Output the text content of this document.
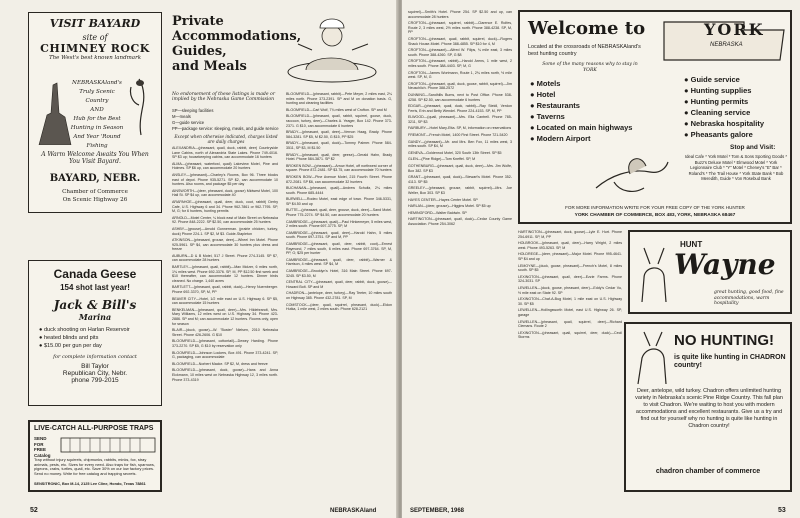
VISIT BAYARD
site of
CHIMNEY ROCK
The West's best known landmark
NEBRASKAland's
Truly Scenic Country
AND
Hub for the Best
Hunting in Season
And Year 'Round Fishing
A Warm Welcome Awaits You When You Visit Bayard.
BAYARD, NEBR.
Chamber of Commerce
On Scenic Highway 26
Canada Geese
154 shot last year!
Jack & Bill's
Marina
● duck shooting on Harlan Reservoir
● heated blinds and pits
● $15.00 per gun per day
for complete information contact
Bill Taylor
Republican City, Nebr.
phone 799-2015
LIVE-CATCH ALL-PURPOSE TRAPS
SEND FOR
FREE
Catalog
Trap without injury squirrels, chipmunks, rabbits, minks, fox, stray animals, pests, etc. Sizes for every need. Also traps for fish, sparrows, pigeons, crabs, turtles, quail, etc. Save 30% on our low factory prices. Send no money. Write for free catalog and trapping secrets.
SENSITRONIC, Box M-14, 2125 Lee Cline, Hondo, Texas 78861
Private
Accommodations,
Guides,
and Meals
No endorsement of these listings is made or implied by the Nebraska Game Commission
SP—sleeping facilities
M—meals
G—guide service
PP—package service: sleeping, meals, and guide service
Except when otherwise indicated, charges listed are daily charges

ALEXANDRIA—(pheasant, quail, duck, rabbit, deer) Countryside Lane Cabins, north of Alexandria State Lakes. Phone 749-4016. SP $3 up; housekeeping cabins, can accommodate 16 hunters

ALMA—(pheasant, waterfowl, quail) Lakeview Motel, Pine and Holmes. SP $6 up, can accommodate 20 hunters

ANSLEY—(pheasant)—Charley's Rooms, Box 96. Three blocks east of depot. Phone 935-5271. SP $2, can accommodate 10 hunters. Also rooms, and package $5 per day

AINSWORTH—(deer, pheasant, duck, goose) Midwest Motel, 100 Hall St. SP $4 up, can accommodate 40

ARAPAHOE—(pheasant, quail, deer, duck, coot, rabbit) Derby Cafe, U.S. Highway 6 and 34. Phone 962-7861 or 962-7795. SP, M, G; for 6 hunters, hunting permits

ARNOLD—Motel Center, ¼ block east of Main Street on Nebraska 92. Phone 848-2222. SP $2.50, can accommodate 25 hunters

ASHBY—(grouse)—Arnold Gonnerman. (prairie chicken, turkey, duck) Phone 224-1. SP $2, M $3. Guide-Stapleton

ATKINSON—(pheasant, grouse, deer)—Wheel Inn Motel. Phone 925-5961. SP $4, can accommodate 30 hunters plus dress and freeze

AUBURN—D & B Motel, 517 J Street. Phone 274-3145. SP $7, can accommodate 28 hunters

BARTLEY—(pheasant, quail, rabbit)—Max Molzer, 6 miles north, 1¾ miles west. Phone 692-3376. SP, M, PP $12.50 first week and $10 thereafter, can accommodate 12 hunters. Dinner birds cleaned. No charge. 1,440 acres

BARTLETT—(pheasant, quail, rabbit, duck)—Henry Nuernberger. Phone 692-3370, SP, M, PP

BEAVER CITY—Hotel, 1/2 mile east on U.S. Highway 6. SP $5, can accommodate 15 hunters

BENKELMAN—(pheasant, quail, deer)—Mrs. Hildebrandt, Mrs. Mary Williams, 12 miles west on U.S. Highway 34. Phone 423-2886. SP and M; can accommodate 12 hunters. Rooms only, open for season

BLAIR—(duck, goose)—W. "Buster" Nielsen, 2010 Nebraska Street. Phone 426-2606. G $10

BLOOMFIELD—(pheasant, cottontail)—Dewey Harding. Phone 373-2270. SP $5, G $10 by reservation only

BLOOMFIELD—Johnson Lockers, Box 491. Phone 373-4241. SP, G, packaging, can accommodate

BLOOMFIELD—Norbert Macke. SP $2, M, dress and freeze

BLOOMFIELD—(pheasant, duck, goose)—Hans and Anna Eickmann, 10 miles west on Nebraska Highway 12, 3 miles north. Phone 373-4319

BLOOMFIELD—(pheasant, rabbit)—Pete Meyer, 2 miles east, 2¼ miles north. Phone 373-2391. SP and M on donation basis. G, hunting and cleaning facilities

BLOOMFIELD—Carl Wolf, 7¾ miles west of Crofton. SP and M

BLOOMFIELD—(pheasant, quail, rabbit, squirrel, goose, duck, raccoon, turkey, deer)—Charles A. Yeager, Box 142. Phone 373-2371. G $10, can accommodate 6 hunters

BRADY—(pheasant, quail, deer)—Vernon Haag, Brady. Phone 584-3281. SP $5, M $2.50, G $15, PP $25

BRADY—(pheasant, quail, duck)—Tommy Palmer. Phone 584-3511, SP $3, M $1.50

BRADY—(pheasant, quail, deer, geese)—Gerald Hahn, Brady Hotel. Phone 584-3871. SP $2

BROKEN BOW—(pheasant)—Arrow Hotel, off northwest corner of square. Phone 872-2481. SP $3.75, can accommodate 70 hunters

BROKEN BOW—Pine Avenue Motel, 215 Fourth Street. Phone 872-2081. SP $6, can accommodate 32 hunters

BUCHANAN—(pheasant, quail)—Andrew Schultz, 2¼ miles south. Phone 685-4444

BURWELL—Rodeo Motel, east edge of town. Phone 346-5331, SP $4.50 and up

BUTTE—(pheasant, quail, deer, grouse, duck, deer)—Sand Motel. Phone 775-2274. SP $4.50, can accommodate 20 hunters

CAMBRIDGE—(pheasant, quail)—Paul Hinkemeyer, 5 miles west, 2 miles south. Phone 697-3775. SP, M

CAMBRIDGE—(pheasant, quail, deer)—Harold Hahn, 5 miles south. Phone 697-3751. SP and M, PP

CAMBRIDGE—(pheasant, quail, deer, rabbit, coot)—Ernest Raymond, 7 miles south, 6 miles east. Phone 697-3764. SP, M, PP, G; $25 per hunter

CAMBRIDGE—(pheasant, quail, deer, rabbit)—Warner & Harrison, 4 miles west. SP $4, M

CAMBRIDGE—Brooklyn's Hotel, 316 Main Street. Phone 697-3245. SP $3.50, M

CENTRAL CITY—(pheasant, quail, deer, rabbit, duck, goose)—Howard Bolt. SP and M

CHADRON—(antelope, deer, turkey)—Ray Teeter, 10 miles south on Highway 385. Phone 432-2781. SP, M

COMSTOCK—(deer, quail, squirrel, pheasant, duck)—Eldon Hutka, 1 mile west, 2 miles south. Phone 628-2121

52	NEBRASKAland

squirrel)—Smith's Hotel. Phone 254. SP $2.50 and up, can accommodate 28 hunters

CROFTON—(pheasant, squirrel, rabbit)—Clarence E. Rolfes, Route 2, 3 miles west, 2½ miles north. Phone 388-4238. SP, M, PP

CROFTON—(pheasant, quail, rabbit, squirrel, duck)—Rogers Shack House-Motel. Phone 388-4855. SP $10 for 4, M

CROFTON—(pheasant)—Alfred W. Filips, ¾ mile east, 3 miles south. Phone 388-4260. SP, G $8

CROFTON—(pheasant, rabbit)—Harold Arens, 1 mile west, 2 miles south. Phone 388-4403. SP, M, G

CROFTON—James Wortmann, Route 1, 2¾ miles north, ½ mile west. SP, M, G

CROFTON—(pheasant, quail, duck, goose, rabbit, squirrel)—Jim Neuschlich. Phone 388-2572

DUNNING—Sandhills Bums, next to Post Office. Phone 538-4258. SP $2.50, can accommodate 6 hunters

EDGAR—(pheasant, quail, duck, rabbit)—Ray Steidl, Verdon Ferris, Erin and Betty Wendel. Phone 224-4153. SP, M, PP

ELWOOD—(quail, pheasant)—Mrs. Ella Cantrell. Phone 785-3211, SP $3

FAIRBURY—Hotel Mary-Etta. SP, M, information on reservations

FREMONT—French Motel, 1400 First Street. Phone 721-5420

GANDY—(pheasant)—Mr. and Mrs. Ben Fox, 11 miles west, 3 miles south. SP $4, M

GENEVA—Goldenrod Motel, 320 South 13th Street. SP $5

GLEN—(Pine Ridge)—Tom Kneffel. SP, M

GOTHENBURG—(pheasant, quail, duck, deer)—Mrs. Jim Wolfe, Box 382. SP $3

GRANT—(pheasant, quail, duck)—Stewart's Motel. Phone 352-4113. SP $5

GREELEY—(pheasant, grouse, rabbit, squirrel)—Mrs. Joe Weller, Box 303. SP $3

HAYES CENTER—Hayes Center Motel. SP

HARLAN—(deer, grouse)—Higgins Motel. SP $5 up

HEMINGFORD—Walter Baldwin. SP

HARTINGTON—(pheasant, quail, duck)—Cedar County Game Association. Phone 254-3062

HARTINGTON—(pheasant, duck, goose)—Lyle E. Hurt. Phone 254-6911. SP, M, PP

HOLBROOK—(pheasant, quail, deer)—Harry Wright, 2 miles west. Phone 493-5263. SP, M

HOLDREGE—(deer, pheasant)—Major Motel. Phone 995-4641. SP $4 and up

LEMOYNE—(duck, goose, pheasant)—French's Motel, 8 miles south. SP $5

LEXINGTON—(pheasant, quail, deer)—Ezzie Farms. Phone 324-3031. SP

LEWELLEN—(duck, goose, pheasant, deer)—Eddy's Cedar Vu, ½ mile east on State 92. SP

LEXINGTON—Chaf-A-Bug Motel, 1 mile east on U.S. Highway 30. SP $5

LEWELLEN—Hollingsworth Motel, east U.S. Highway 26. SP, garage

LEWELLEN—(pheasant, quail, squirrel, deer)—Richard Clemans. Route 2

LEXINGTON—(pheasant, quail, squirrel, deer, duck)—Cecil Storms

Welcome to	YORK
NEBRASKA
Located at the crossroads of NEBRASKAland's best hunting country
Some of the many reasons why to stay in YORK
● Motels
● Hotel
● Restaurants
● Taverns
● Located on main highways
● Modern Airport
● Guide service
● Hunting supplies
● Hunting permits
● Cleaning service
● Nebraska hospitality
● Pheasants galore
Stop and Visit:
Ideal Cafe * York Motel * Tom & Sons Sporting Goods * Buzz's Deluxe Motel * Elmwood Motel * York Legionnaire Club * "Y" Motel * Cheney's "E" Bar * Roland's * The Trail House * York State Bank * Bob Meredith, Guide * Von Rosebud Bank
FOR MORE INFORMATION WRITE FOR YOUR FREE COPY OF THE YORK HUNTER
YORK CHAMBER OF COMMERCE, BOX 483, YORK, NEBRASKA 68467
HUNT
Wayne
great hunting, good food, fine accommodations, warm hospitality
NO HUNTING!
is quite like hunting in CHADRON country!
Deer, antelope, wild turkey. Chadron offers unlimited hunting variety in Nebraska's scenic Pine Ridge Country. This fall plan to visit Chadron. We're waiting to host you with modern accommodations and excellent restaurants. Give us a try and find out for yourself why no hunting is quite like hunting in Chadron country!
chadron chamber of commerce
SEPTEMBER, 1968	53
